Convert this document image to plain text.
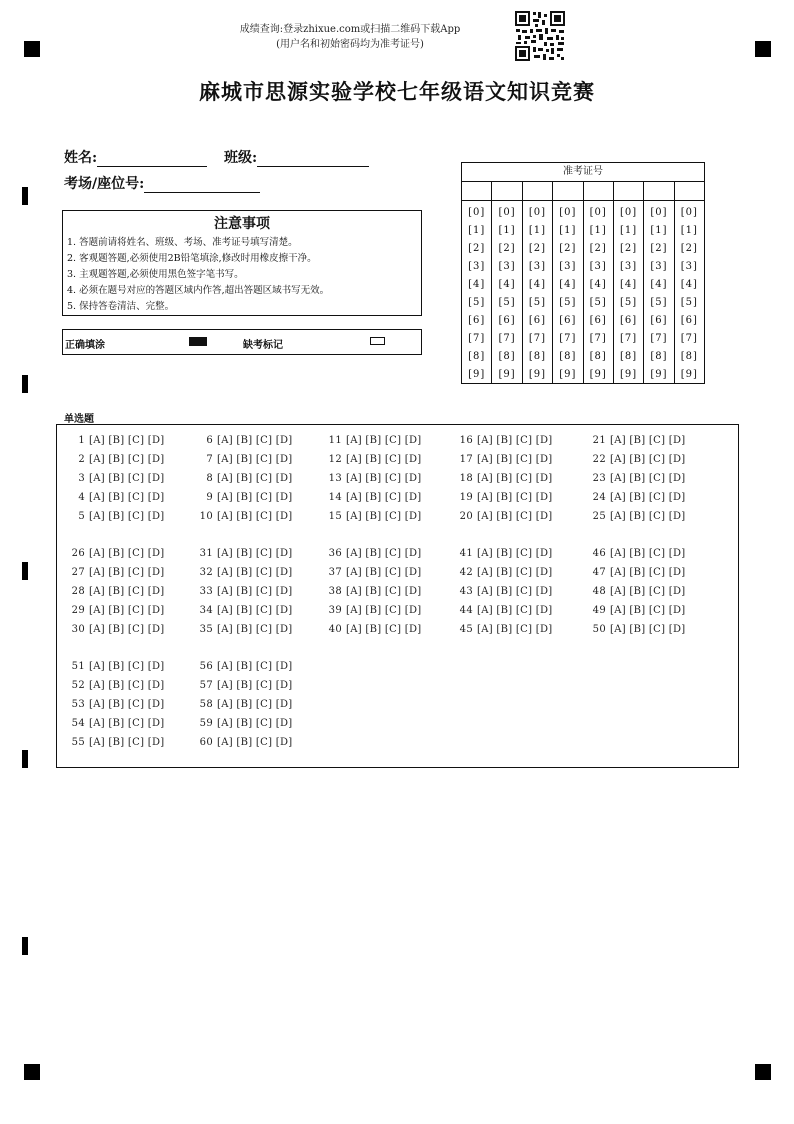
成绩查询:登录zhixue.com或扫描二维码下载App
(用户名和初始密码均为准考证号)
麻城市思源实验学校七年级语文知识竞赛
姓名:	班级:
考场/座位号:
注意事项
1. 答题前请将姓名、班级、考场、准考证号填写清楚。
2. 客观题答题,必须使用2B铅笔填涂,修改时用橡皮擦干净。
3. 主观题答题,必须使用黑色签字笔书写。
4. 必须在题号对应的答题区域内作答,超出答题区域书写无效。
5. 保持答卷清洁、完整。
正确填涂	缺考标记
准考证号
[0]
[1]
[2]
[3]
[4]
[5]
[6]
[7]
[8]
[9]
[0]
[1]
[2]
[3]
[4]
[5]
[6]
[7]
[8]
[9]
[0]
[1]
[2]
[3]
[4]
[5]
[6]
[7]
[8]
[9]
[0]
[1]
[2]
[3]
[4]
[5]
[6]
[7]
[8]
[9]
[0]
[1]
[2]
[3]
[4]
[5]
[6]
[7]
[8]
[9]
[0]
[1]
[2]
[3]
[4]
[5]
[6]
[7]
[8]
[9]
[0]
[1]
[2]
[3]
[4]
[5]
[6]
[7]
[8]
[9]
[0]
[1]
[2]
[3]
[4]
[5]
[6]
[7]
[8]
[9]
单选题
1 [A] [B] [C] [D]
2 [A] [B] [C] [D]
3 [A] [B] [C] [D]
4 [A] [B] [C] [D]
5 [A] [B] [C] [D]
6 [A] [B] [C] [D]
7 [A] [B] [C] [D]
8 [A] [B] [C] [D]
9 [A] [B] [C] [D]
10 [A] [B] [C] [D]
11 [A] [B] [C] [D]
12 [A] [B] [C] [D]
13 [A] [B] [C] [D]
14 [A] [B] [C] [D]
15 [A] [B] [C] [D]
16 [A] [B] [C] [D]
17 [A] [B] [C] [D]
18 [A] [B] [C] [D]
19 [A] [B] [C] [D]
20 [A] [B] [C] [D]
21 [A] [B] [C] [D]
22 [A] [B] [C] [D]
23 [A] [B] [C] [D]
24 [A] [B] [C] [D]
25 [A] [B] [C] [D]
26 [A] [B] [C] [D]
27 [A] [B] [C] [D]
28 [A] [B] [C] [D]
29 [A] [B] [C] [D]
30 [A] [B] [C] [D]
31 [A] [B] [C] [D]
32 [A] [B] [C] [D]
33 [A] [B] [C] [D]
34 [A] [B] [C] [D]
35 [A] [B] [C] [D]
36 [A] [B] [C] [D]
37 [A] [B] [C] [D]
38 [A] [B] [C] [D]
39 [A] [B] [C] [D]
40 [A] [B] [C] [D]
41 [A] [B] [C] [D]
42 [A] [B] [C] [D]
43 [A] [B] [C] [D]
44 [A] [B] [C] [D]
45 [A] [B] [C] [D]
46 [A] [B] [C] [D]
47 [A] [B] [C] [D]
48 [A] [B] [C] [D]
49 [A] [B] [C] [D]
50 [A] [B] [C] [D]
51 [A] [B] [C] [D]
52 [A] [B] [C] [D]
53 [A] [B] [C] [D]
54 [A] [B] [C] [D]
55 [A] [B] [C] [D]
56 [A] [B] [C] [D]
57 [A] [B] [C] [D]
58 [A] [B] [C] [D]
59 [A] [B] [C] [D]
60 [A] [B] [C] [D]
